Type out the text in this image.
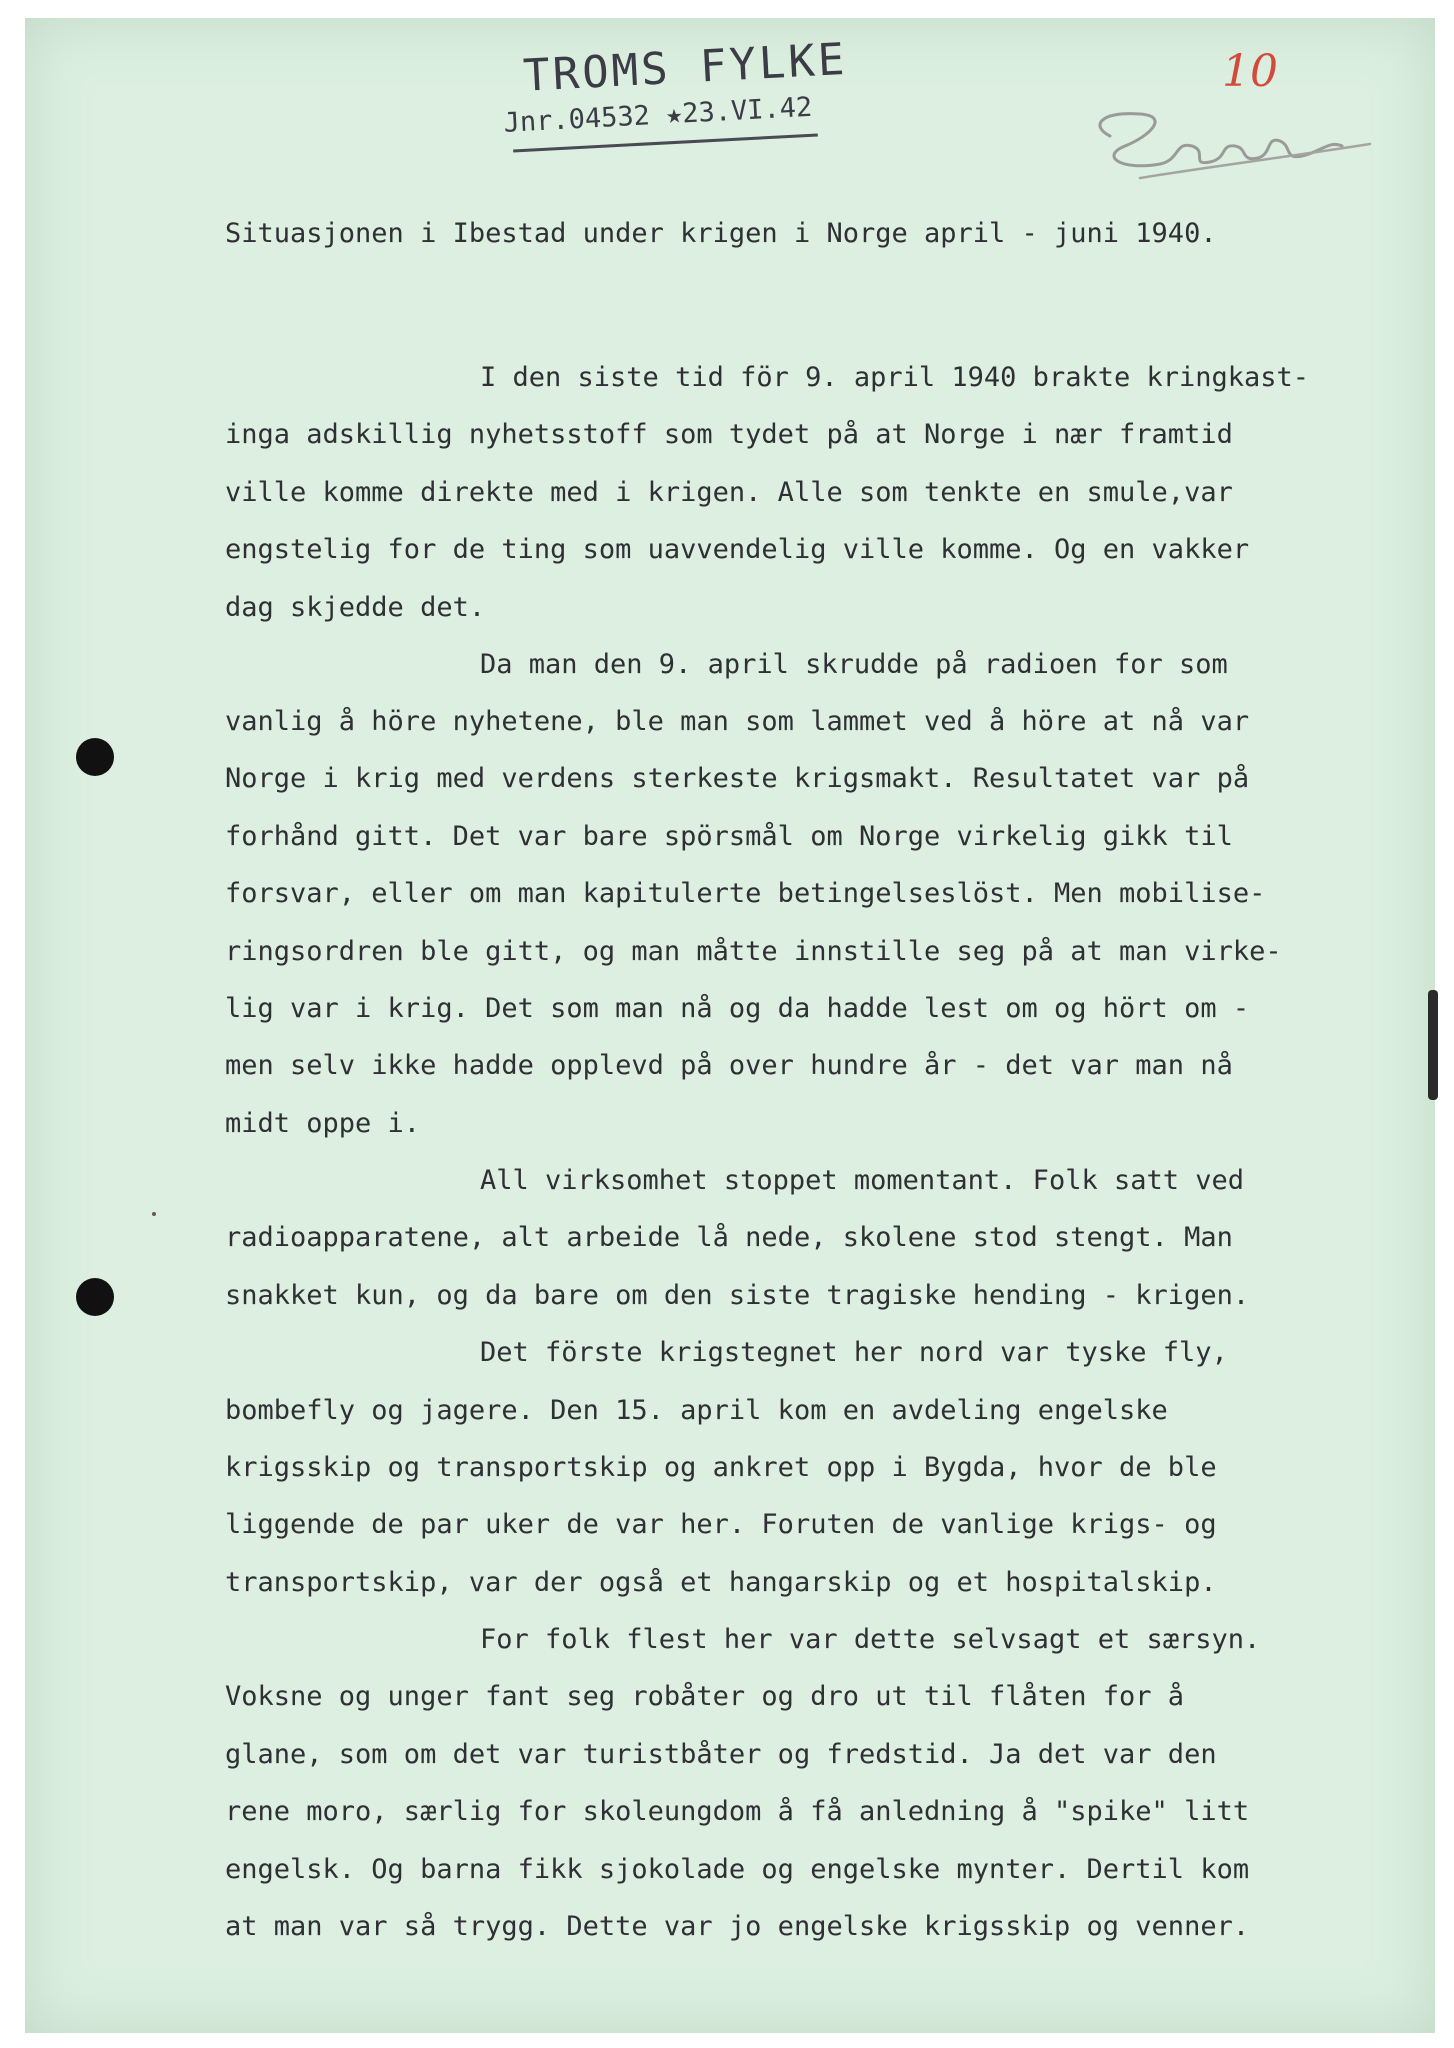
TROMS FYLKE
Jnr.04532 ★23.VI.42
10
Situasjonen i Ibestad under krigen i Norge april - juni 1940.
I den siste tid för 9. april 1940 brakte kringkast-
inga adskillig nyhetsstoff som tydet på at Norge i nær framtid
ville komme direkte med i krigen. Alle som tenkte en smule,var
engstelig for de ting som uavvendelig ville komme. Og en vakker
dag skjedde det.
Da man den 9. april skrudde på radioen for som
vanlig å höre nyhetene, ble man som lammet ved å höre at nå var
Norge i krig med verdens sterkeste krigsmakt. Resultatet var på
forhånd gitt. Det var bare spörsmål om Norge virkelig gikk til
forsvar, eller om man kapitulerte betingelseslöst. Men mobilise-
ringsordren ble gitt, og man måtte innstille seg på at man virke-
lig var i krig. Det som man nå og da hadde lest om og hört om -
men selv ikke hadde opplevd på over hundre år - det var man nå
midt oppe i.
All virksomhet stoppet momentant. Folk satt ved
radioapparatene, alt arbeide lå nede, skolene stod stengt. Man
snakket kun, og da bare om den siste tragiske hending - krigen.
Det förste krigstegnet her nord var tyske fly,
bombefly og jagere. Den 15. april kom en avdeling engelske
krigsskip og transportskip og ankret opp i Bygda, hvor de ble
liggende de par uker de var her. Foruten de vanlige krigs- og
transportskip, var der også et hangarskip og et hospitalskip.
For folk flest her var dette selvsagt et særsyn.
Voksne og unger fant seg robåter og dro ut til flåten for å
glane, som om det var turistbåter og fredstid. Ja det var den
rene moro, særlig for skoleungdom å få anledning å "spike" litt
engelsk. Og barna fikk sjokolade og engelske mynter. Dertil kom
at man var så trygg. Dette var jo engelske krigsskip og venner.
